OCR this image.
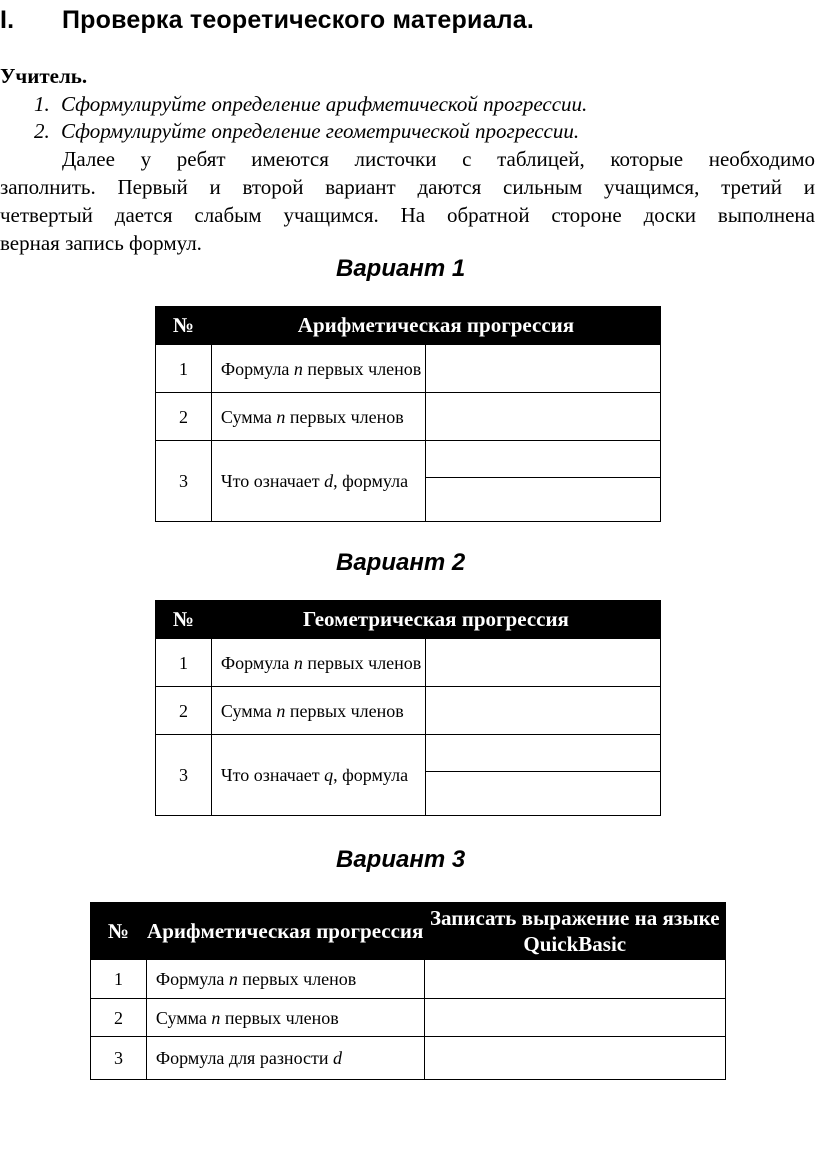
I. Проверка теоретического материала.
Учитель.
1. Сформулируйте определение арифметической прогрессии.
2. Сформулируйте определение геометрической прогрессии.

Далее у ребят имеются листочки с таблицей, которые необходимо

заполнить. Первый и второй вариант даются сильным учащимся, третий и

четвертый дается слабым учащимся. На обратной стороне доски выполнена

верная запись формул.

Вариант 1
№	Арифметическая прогрессия	
1	Формула n первых членов	
2	Сумма n первых членов	
3	Что означает d, формула	

Вариант 2
№	Геометрическая прогрессия	
1	Формула n первых членов	
2	Сумма n первых членов	
3	Что означает q, формула	

Вариант 3
№	Арифметическая прогрессия	Записать выражение на языке QuickBasic
1	Формула n первых членов	
2	Сумма n первых членов	
3	Формула для разности d	
